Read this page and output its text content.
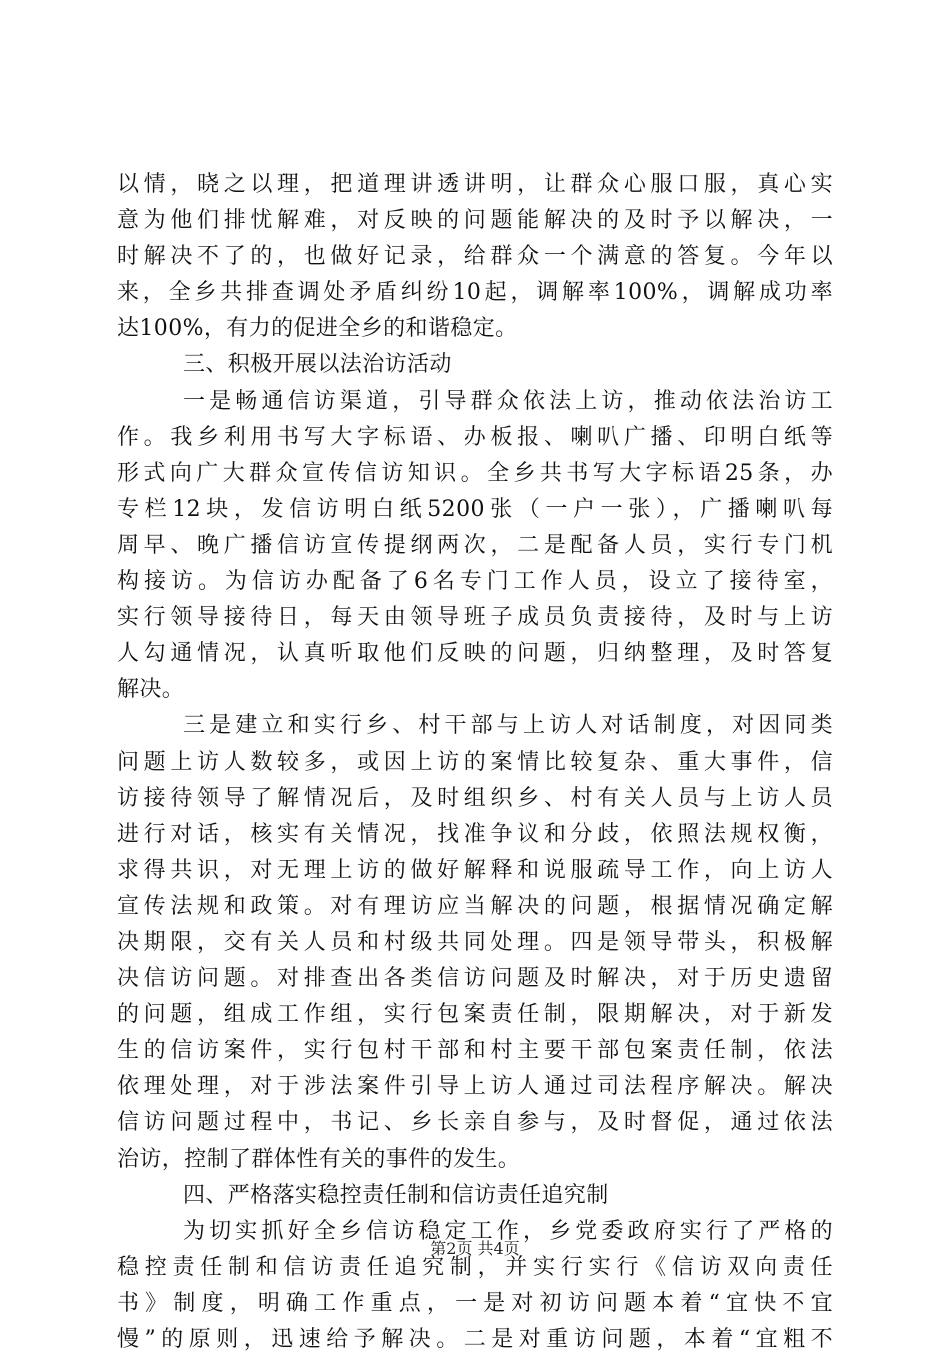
以情，晓之以理，把道理讲透讲明，让群众心服口服，真心实
意为他们排忧解难，对反映的问题能解决的及时予以解决，一
时解决不了的，也做好记录，给群众一个满意的答复。今年以
来，全乡共排查调处矛盾纠纷10起，调解率100%，调解成功率
达100%，有力的促进全乡的和谐稳定。
三、积极开展以法治访活动
一是畅通信访渠道，引导群众依法上访，推动依法治访工
作。我乡利用书写大字标语、办板报、喇叭广播、印明白纸等
形式向广大群众宣传信访知识。全乡共书写大字标语25条，办
专栏12块，发信访明白纸5200张（一户一张），广播喇叭每
周早、晚广播信访宣传提纲两次，二是配备人员，实行专门机
构接访。为信访办配备了6名专门工作人员，设立了接待室，
实行领导接待日，每天由领导班子成员负责接待，及时与上访
人勾通情况，认真听取他们反映的问题，归纳整理，及时答复
解决。
三是建立和实行乡、村干部与上访人对话制度，对因同类
问题上访人数较多，或因上访的案情比较复杂、重大事件，信
访接待领导了解情况后，及时组织乡、村有关人员与上访人员
进行对话，核实有关情况，找准争议和分歧，依照法规权衡，
求得共识，对无理上访的做好解释和说服疏导工作，向上访人
宣传法规和政策。对有理访应当解决的问题，根据情况确定解
决期限，交有关人员和村级共同处理。四是领导带头，积极解
决信访问题。对排查出各类信访问题及时解决，对于历史遗留
的问题，组成工作组，实行包案责任制，限期解决，对于新发
生的信访案件，实行包村干部和村主要干部包案责任制，依法
依理处理，对于涉法案件引导上访人通过司法程序解决。解决
信访问题过程中，书记、乡长亲自参与，及时督促，通过依法
治访，控制了群体性有关的事件的发生。
四、严格落实稳控责任制和信访责任追究制
为切实抓好全乡信访稳定工作，乡党委政府实行了严格的
稳控责任制和信访责任追究制，并实行实行《信访双向责任
书》制度，明确工作重点，一是对初访问题本着“宜快不宜
慢”的原则，迅速给予解决。二是对重访问题，本着“宜粗不
第2页 共4页
